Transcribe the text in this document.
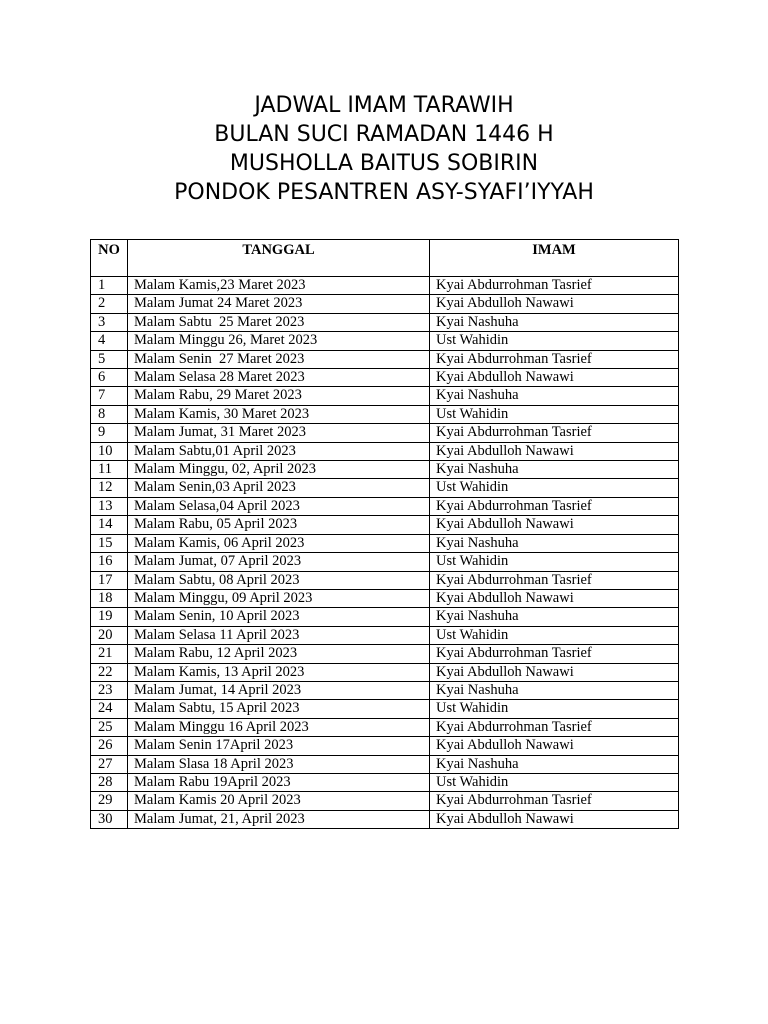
JADWAL IMAM TARAWIH
BULAN SUCI RAMADAN 1446 H
MUSHOLLA BAITUS SOBIRIN
PONDOK PESANTREN ASY-SYAFI’IYYAH
NO	TANGGAL	IMAM
1	Malam Kamis,23 Maret 2023	Kyai Abdurrohman Tasrief
2	Malam Jumat 24 Maret 2023	Kyai Abdulloh Nawawi
3	Malam Sabtu  25 Maret 2023	Kyai Nashuha
4	Malam Minggu 26, Maret 2023	Ust Wahidin
5	Malam Senin  27 Maret 2023	Kyai Abdurrohman Tasrief
6	Malam Selasa 28 Maret 2023	Kyai Abdulloh Nawawi
7	Malam Rabu, 29 Maret 2023	Kyai Nashuha
8	Malam Kamis, 30 Maret 2023	Ust Wahidin
9	Malam Jumat, 31 Maret 2023	Kyai Abdurrohman Tasrief
10	Malam Sabtu,01 April 2023	Kyai Abdulloh Nawawi
11	Malam Minggu, 02, April 2023	Kyai Nashuha
12	Malam Senin,03 April 2023	Ust Wahidin
13	Malam Selasa,04 April 2023	Kyai Abdurrohman Tasrief
14	Malam Rabu, 05 April 2023	Kyai Abdulloh Nawawi
15	Malam Kamis, 06 April 2023	Kyai Nashuha
16	Malam Jumat, 07 April 2023	Ust Wahidin
17	Malam Sabtu, 08 April 2023	Kyai Abdurrohman Tasrief
18	Malam Minggu, 09 April 2023	Kyai Abdulloh Nawawi
19	Malam Senin, 10 April 2023	Kyai Nashuha
20	Malam Selasa 11 April 2023	Ust Wahidin
21	Malam Rabu, 12 April 2023	Kyai Abdurrohman Tasrief
22	Malam Kamis, 13 April 2023	Kyai Abdulloh Nawawi
23	Malam Jumat, 14 April 2023	Kyai Nashuha
24	Malam Sabtu, 15 April 2023	Ust Wahidin
25	Malam Minggu 16 April 2023	Kyai Abdurrohman Tasrief
26	Malam Senin 17April 2023	Kyai Abdulloh Nawawi
27	Malam Slasa 18 April 2023	Kyai Nashuha
28	Malam Rabu 19April 2023	Ust Wahidin
29	Malam Kamis 20 April 2023	Kyai Abdurrohman Tasrief
30	Malam Jumat, 21, April 2023	Kyai Abdulloh Nawawi
